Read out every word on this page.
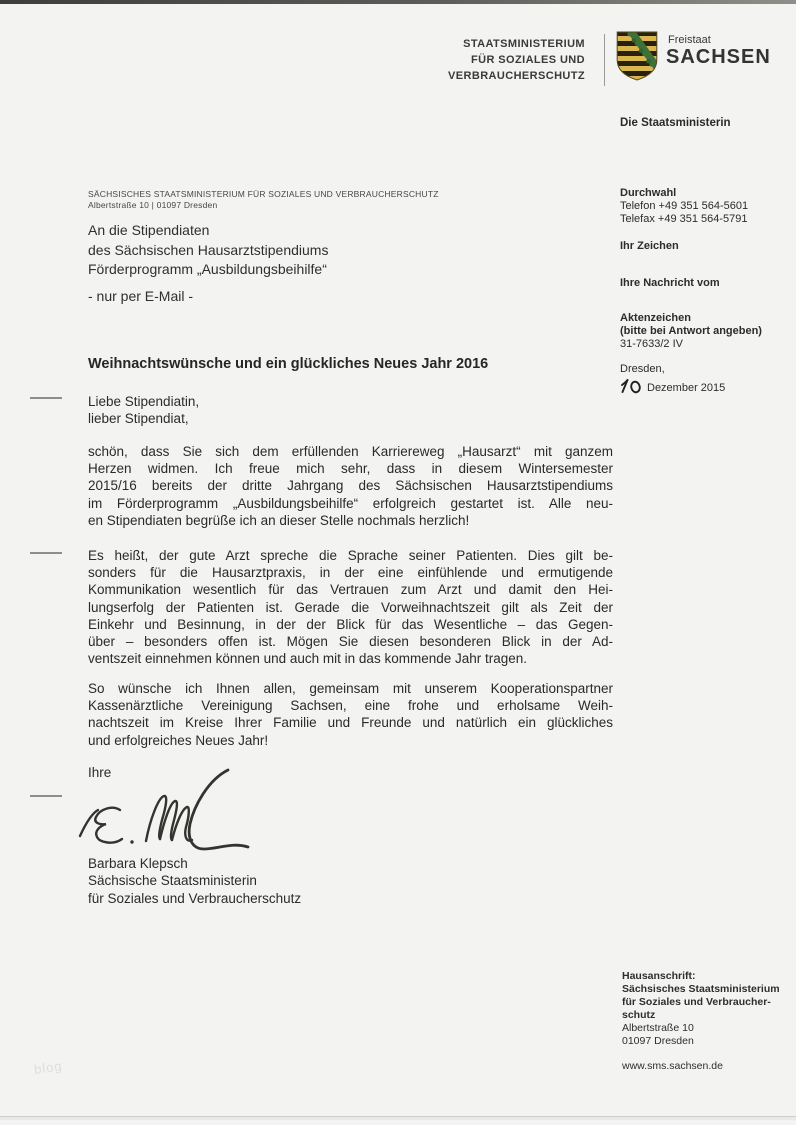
STAATSMINISTERIUM
FÜR SOZIALES UND
VERBRAUCHERSCHUTZ
Freistaat
SACHSEN
Die Staatsministerin
SÄCHSISCHES STAATSMINISTERIUM FÜR SOZIALES UND VERBRAUCHERSCHUTZ
Albertstraße 10 | 01097 Dresden
An die Stipendiaten
des Sächsischen Hausarztstipendiums
Förderprogramm „Ausbildungsbeihilfe“
- nur per E-Mail -
Durchwahl
Telefon +49 351 564-5601
Telefax +49 351 564-5791
Ihr Zeichen
Ihre Nachricht vom
Aktenzeichen
(bitte bei Antwort angeben)
31-7633/2 IV
Dresden,
Dezember 2015
Weihnachtswünsche und ein glückliches Neues Jahr 2016
Liebe Stipendiatin,
lieber Stipendiat,
schön, dass Sie sich dem erfüllenden Karriereweg „Hausarzt“ mit ganzem
Herzen widmen. Ich freue mich sehr, dass in diesem Wintersemester
2015/16 bereits der dritte Jahrgang des Sächsischen Hausarztstipendiums
im Förderprogramm „Ausbildungsbeihilfe“ erfolgreich gestartet ist. Alle neu-
en Stipendiaten begrüße ich an dieser Stelle nochmals herzlich!
Es heißt, der gute Arzt spreche die Sprache seiner Patienten. Dies gilt be-
sonders für die Hausarztpraxis, in der eine einfühlende und ermutigende
Kommunikation wesentlich für das Vertrauen zum Arzt und damit den Hei-
lungserfolg der Patienten ist. Gerade die Vorweihnachtszeit gilt als Zeit der
Einkehr und Besinnung, in der der Blick für das Wesentliche – das Gegen-
über – besonders offen ist. Mögen Sie diesen besonderen Blick in der Ad-
ventszeit einnehmen können und auch mit in das kommende Jahr tragen.
So wünsche ich Ihnen allen, gemeinsam mit unserem Kooperationspartner
Kassenärztliche Vereinigung Sachsen, eine frohe und erholsame Weih-
nachtszeit im Kreise Ihrer Familie und Freunde und natürlich ein glückliches
und erfolgreiches Neues Jahr!
Ihre
Barbara Klepsch
Sächsische Staatsministerin
für Soziales und Verbraucherschutz
Hausanschrift:
Sächsisches Staatsministerium
für Soziales und Verbraucher-
schutz
Albertstraße 10
01097 Dresden
www.sms.sachsen.de
blog
